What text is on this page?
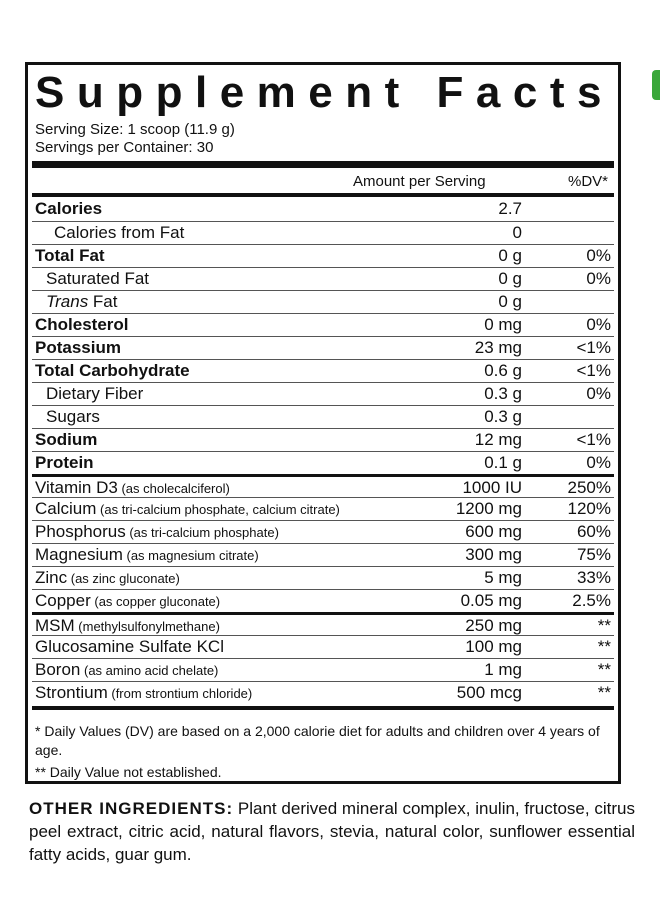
Supplement Facts
Serving Size: 1 scoop (11.9 g)
Servings per Container: 30
Amount per Serving	%DV*
Calories	2.7
Calories from Fat	0
Total Fat	0 g	0%
Saturated Fat	0 g	0%
Trans Fat	0 g
Cholesterol	0 mg	0%
Potassium	23 mg	<1%
Total Carbohydrate	0.6 g	<1%
Dietary Fiber	0.3 g	0%
Sugars	0.3 g
Sodium	12 mg	<1%
Protein	0.1 g	0%
Vitamin D3 (as cholecalciferol)	1000 IU	250%
Calcium (as tri-calcium phosphate, calcium citrate)	1200 mg	120%
Phosphorus (as tri-calcium phosphate)	600 mg	60%
Magnesium (as magnesium citrate)	300 mg	75%
Zinc (as zinc gluconate)	5 mg	33%
Copper (as copper gluconate)	0.05 mg	2.5%
MSM (methylsulfonylmethane)	250 mg	**
Glucosamine Sulfate KCl	100 mg	**
Boron (as amino acid chelate)	1 mg	**
Strontium (from strontium chloride)	500 mcg	**
* Daily Values (DV) are based on a 2,000 calorie diet for adults and children over 4 years of age.
** Daily Value not established.
OTHER INGREDIENTS: Plant derived mineral complex, inulin, fructose, citrus peel extract, citric acid, natural flavors, stevia, natural color, sunflower essential fatty acids, guar gum.
